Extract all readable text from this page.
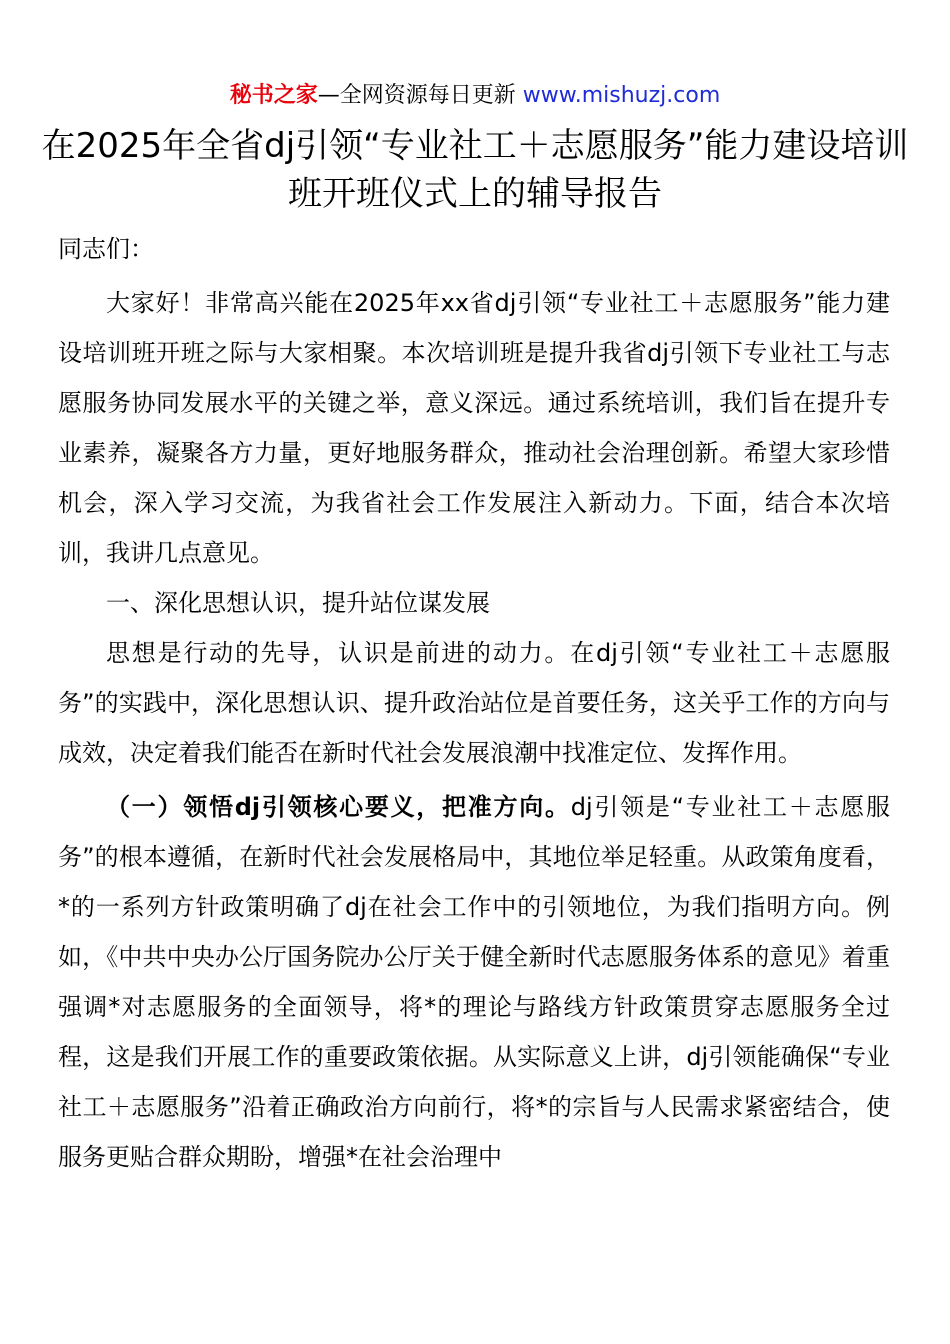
秘书之家—全网资源每日更新 www.mishuzj.com
在2025年全省dj引领“专业社工＋志愿服务”能力建设培训班开班仪式上的辅导报告

同志们：

大家好！非常高兴能在2025年xx省dj引领“专业社工＋志愿服务”能力建设培训班开班之际与大家相聚。本次培训班是提升我省dj引领下专业社工与志愿服务协同发展水平的关键之举，意义深远。通过系统培训，我们旨在提升专业素养，凝聚各方力量，更好地服务群众，推动社会治理创新。希望大家珍惜机会，深入学习交流，为我省社会工作发展注入新动力。下面，结合本次培训，我讲几点意见。

一、深化思想认识，提升站位谋发展

思想是行动的先导，认识是前进的动力。在dj引领“专业社工＋志愿服务”的实践中，深化思想认识、提升政治站位是首要任务，这关乎工作的方向与成效，决定着我们能否在新时代社会发展浪潮中找准定位、发挥作用。

（一）领悟dj引领核心要义，把准方向。dj引领是“专业社工＋志愿服务”的根本遵循，在新时代社会发展格局中，其地位举足轻重。从政策角度看，*的一系列方针政策明确了dj在社会工作中的引领地位，为我们指明方向。例如，《中共中央办公厅国务院办公厅关于健全新时代志愿服务体系的意见》着重强调*对志愿服务的全面领导，将*的理论与路线方针政策贯穿志愿服务全过程，这是我们开展工作的重要政策依据。从实际意义上讲，dj引领能确保“专业社工＋志愿服务”沿着正确政治方向前行，将*的宗旨与人民需求紧密结合，使服务更贴合群众期盼，增强*在社会治理中
